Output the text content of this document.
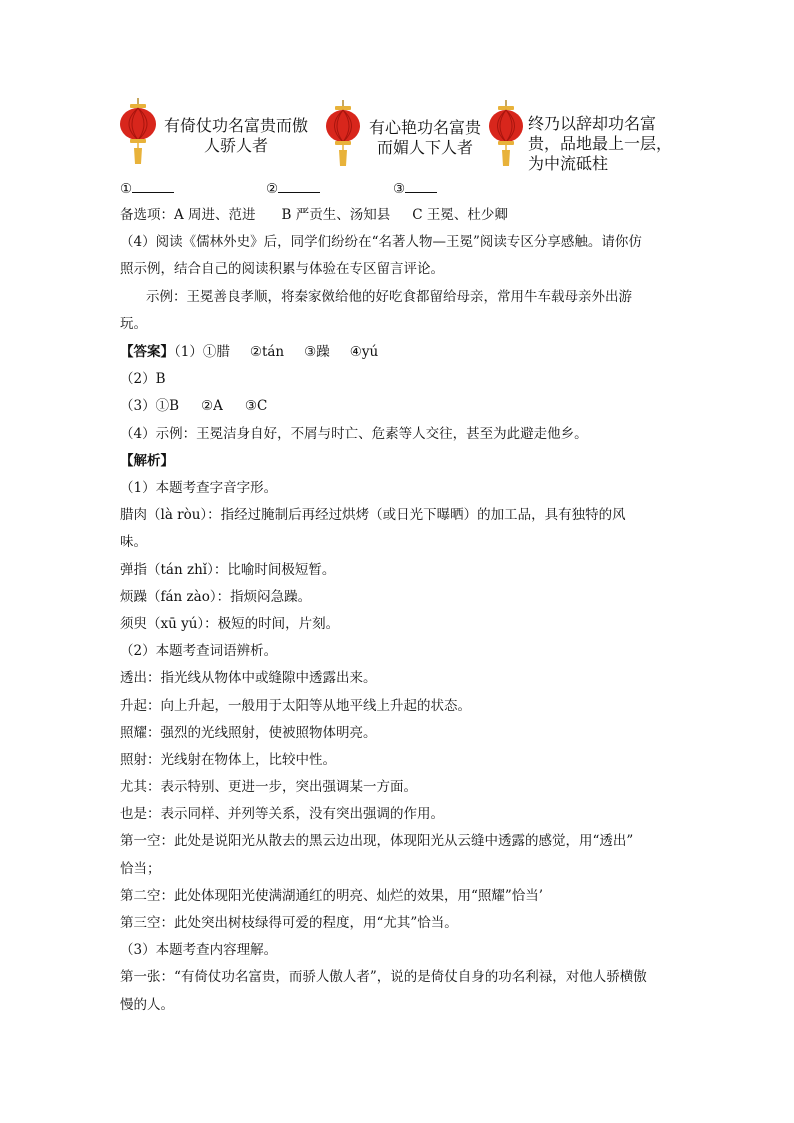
有倚仗功名富贵而傲
人骄人者
有心艳功名富贵
而媚人下人者
终乃以辞却功名富
贵，品地最上一层，
为中流砥柱
①	②	③
备选项：A 周进、范进 B 严贡生、汤知县 C 王冕、杜少卿
（4）阅读《儒林外史》后，同学们纷纷在“名著人物—王冕”阅读专区分享感触。请你仿
照示例，结合自己的阅读积累与体验在专区留言评论。
示例：王冕善良孝顺，将秦家傚给他的好吃食都留给母亲，常用牛车载母亲外出游
玩。
【答案】（1）①腊 ②tán ③躁 ④yú
（2）B
（3）①B ②A ③C
（4）示例：王冕洁身自好，不屑与时亡、危素等人交往，甚至为此避走他乡。
【解析】
（1）本题考查字音字形。
腊肉（là ròu）：指经过腌制后再经过烘烤（或日光下曝晒）的加工品，具有独特的风
味。
弹指（tán zhǐ）：比喻时间极短暂。
烦躁（fán zào）：指烦闷急躁。
须臾（xū yú）：极短的时间，片刻。
（2）本题考查词语辨析。
透出：指光线从物体中或缝隙中透露出来。
升起：向上升起，一般用于太阳等从地平线上升起的状态。
照耀：强烈的光线照射，使被照物体明亮。
照射：光线射在物体上，比较中性。
尤其：表示特别、更进一步，突出强调某一方面。
也是：表示同样、并列等关系，没有突出强调的作用。
第一空：此处是说阳光从散去的黑云边出现，体现阳光从云缝中透露的感觉，用“透出”
恰当；
第二空：此处体现阳光使满湖通红的明亮、灿烂的效果，用“照耀”恰当’
第三空：此处突出树枝绿得可爱的程度，用“尤其”恰当。
（3）本题考查内容理解。
第一张：“有倚仗功名富贵，而骄人傲人者”，说的是倚仗自身的功名利禄，对他人骄横傲
慢的人。
